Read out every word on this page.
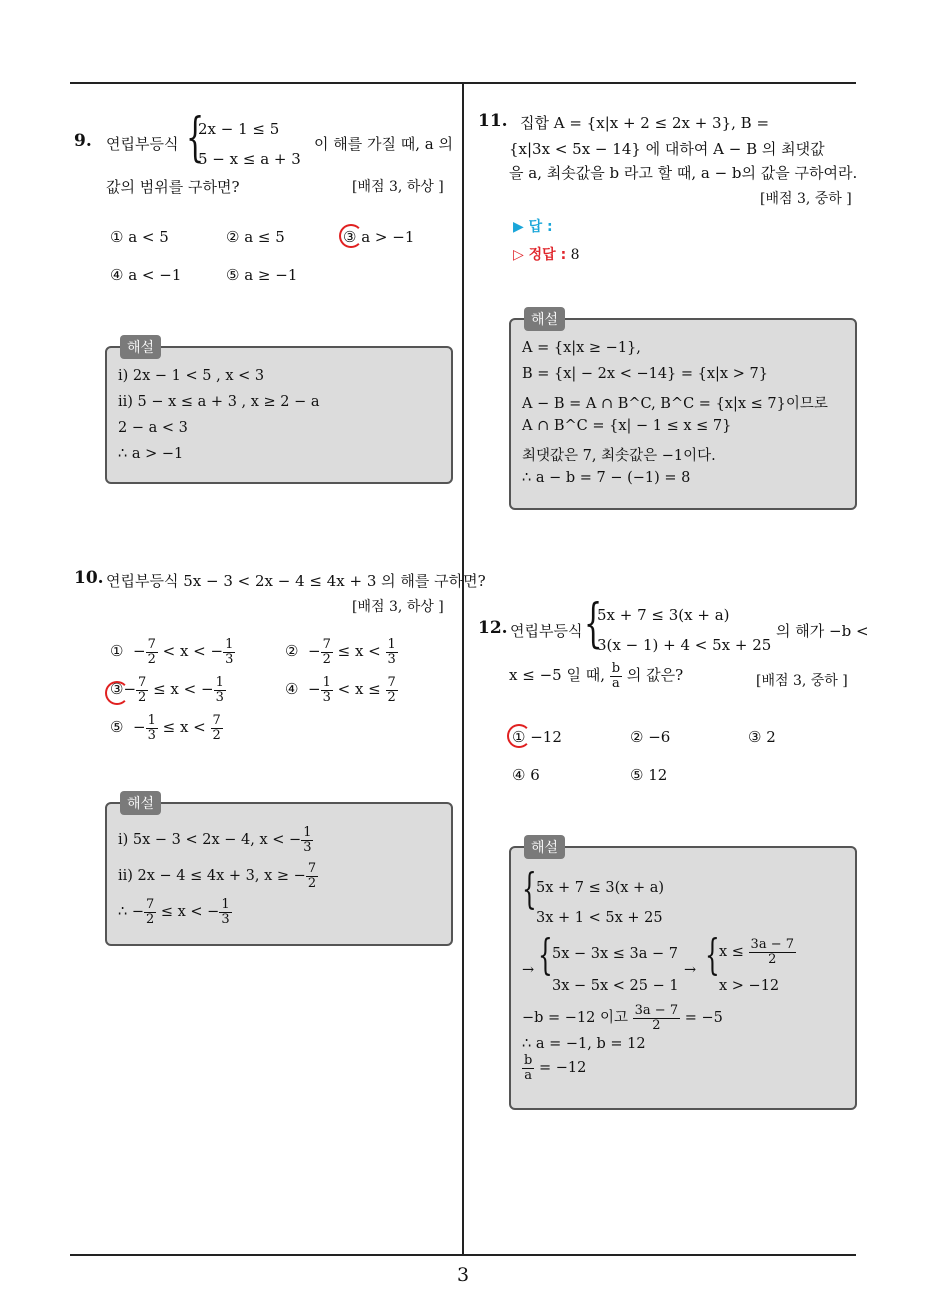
3
9. 연립부등식 {
2x − 1 ≤ 5
5 − x ≤ a + 3
이 해를 가질 때, a 의
값의 범위를 구하면?	[배점 3, 하상 ]
① a < 5	② a ≤ 5	③ a > −1
④ a < −1	⑤ a ≥ −1
해설
i) 2x − 1 < 5 , x < 3
ii) 5 − x ≤ a + 3 , x ≥ 2 − a
2 − a < 3
∴ a > −1
10. 연립부등식 5x − 3 < 2x − 4 ≤ 4x + 3 의 해를 구하면?
[배점 3, 하상 ]
①  − $\frac{7}{2} < x$ < − $\frac{1}{3}$	②  − $\frac{7}{2} \le x < \frac{1}{3}$
③− $\frac{7}{2} \le x$ < − $\frac{1}{3}$	④  − $\frac{1}{3} < x \le \frac{7}{2}$
⑤  − $\frac{1}{3} \le x < \frac{7}{2}$
해설
i) 5x − 3 < 2x − 4, x < − $\frac{1}{3}$
ii) 2x − 4 ≤ 4x + 3, x ≥ − $\frac{7}{2}$
∴ − $\frac{7}{2} \le x$ < − $\frac{1}{3}$
11. 집합 A = {x|x + 2 ≤ 2x + 3}, B =
{x|3x < 5x − 14} 에 대하여 A − B 의 최댓값
을 a, 최솟값을 b 라고 할 때, a − b의 값을 구하여라.
[배점 3, 중하 ]
▶ 답 :
▷ 정답 : 8
해설
A = {x|x ≥ −1},
B = {x| − 2x < −14} = {x|x > 7}
A − B = A ∩ B^C, B^C = {x|x ≤ 7}이므로
A ∩ B^C = {x| − 1 ≤ x ≤ 7}
최댓값은 7, 최솟값은 −1이다.
∴ a − b = 7 − (−1) = 8
12. 연립부등식 {
5x + 7 ≤ 3(x + a)
3(x − 1) + 4 < 5x + 25
의 해가 −b <
x ≤ −5 일 때, $\frac{b}{a}$ 의 값은?	[배점 3, 중하 ]
① −12	② −6	③ 2
④ 6	⑤ 12
해설
{ 5x + 7 ≤ 3(x + a)
3x + 1 < 5x + 25
→ { 5x − 3x ≤ 3a − 7
3x − 5x < 25 − 1
→ { $x \le \frac{3a - 7}{2}$
x > −12
−b = −12 이고 $\frac{3a - 7}{2} = -5$
∴ a = −1, b = 12
$\frac{b}{a} = -12$
